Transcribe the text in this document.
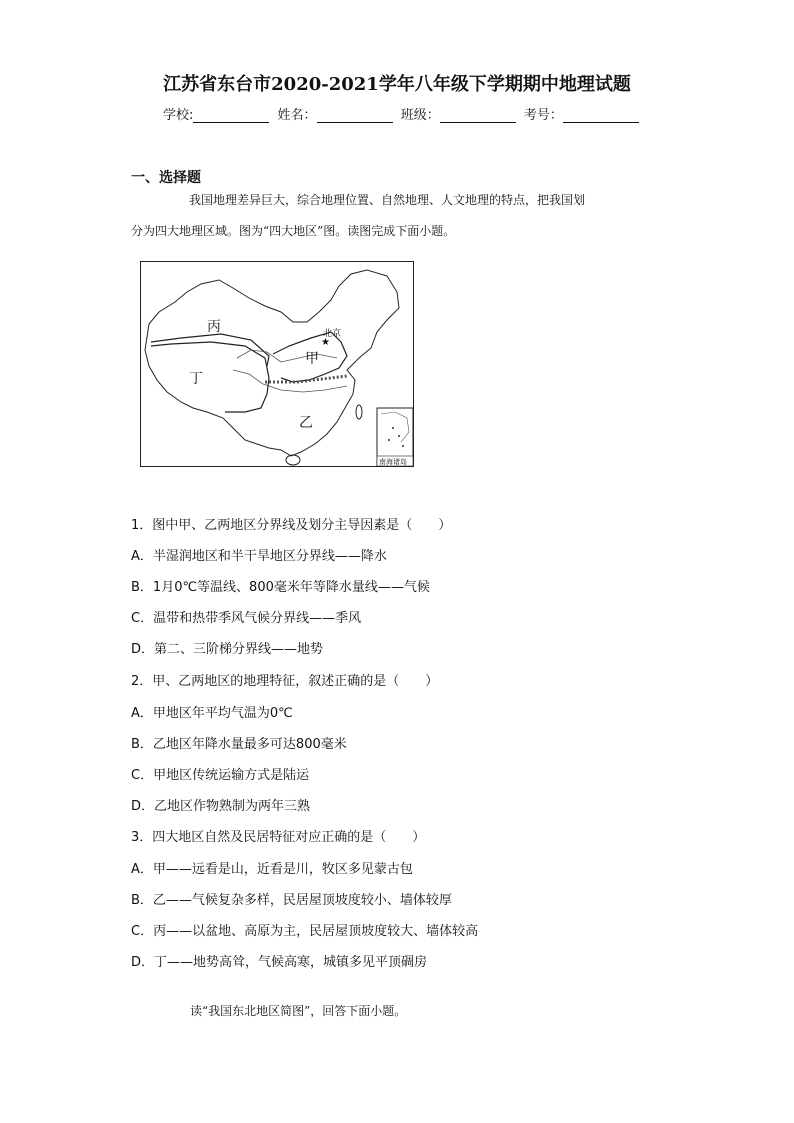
江苏省东台市2020-2021学年八年级下学期期中地理试题
学校:	姓名：	班级：	考号：
一、选择题
我国地理差异巨大，综合地理位置、自然地理、人文地理的特点，把我国划
分为四大地理区域。图为“四大地区”图。读图完成下面小题。
★
丙
甲
丁
乙
北京
南海诸岛
1．图中甲、乙两地区分界线及划分主导因素是（　　）
A．半湿润地区和半干旱地区分界线——降水
B．1月0℃等温线、800毫米年等降水量线——气候
C．温带和热带季风气候分界线——季风
D．第二、三阶梯分界线——地势
2．甲、乙两地区的地理特征，叙述正确的是（　　）
A．甲地区年平均气温为0℃
B．乙地区年降水量最多可达800毫米
C．甲地区传统运输方式是陆运
D．乙地区作物熟制为两年三熟
3．四大地区自然及民居特征对应正确的是（　　）
A．甲——远看是山，近看是川，牧区多见蒙古包
B．乙——气候复杂多样，民居屋顶坡度较小、墙体较厚
C．丙——以盆地、高原为主，民居屋顶坡度较大、墙体较高
D．丁——地势高耸，气候高寒，城镇多见平顶碉房
读“我国东北地区简图”，回答下面小题。
